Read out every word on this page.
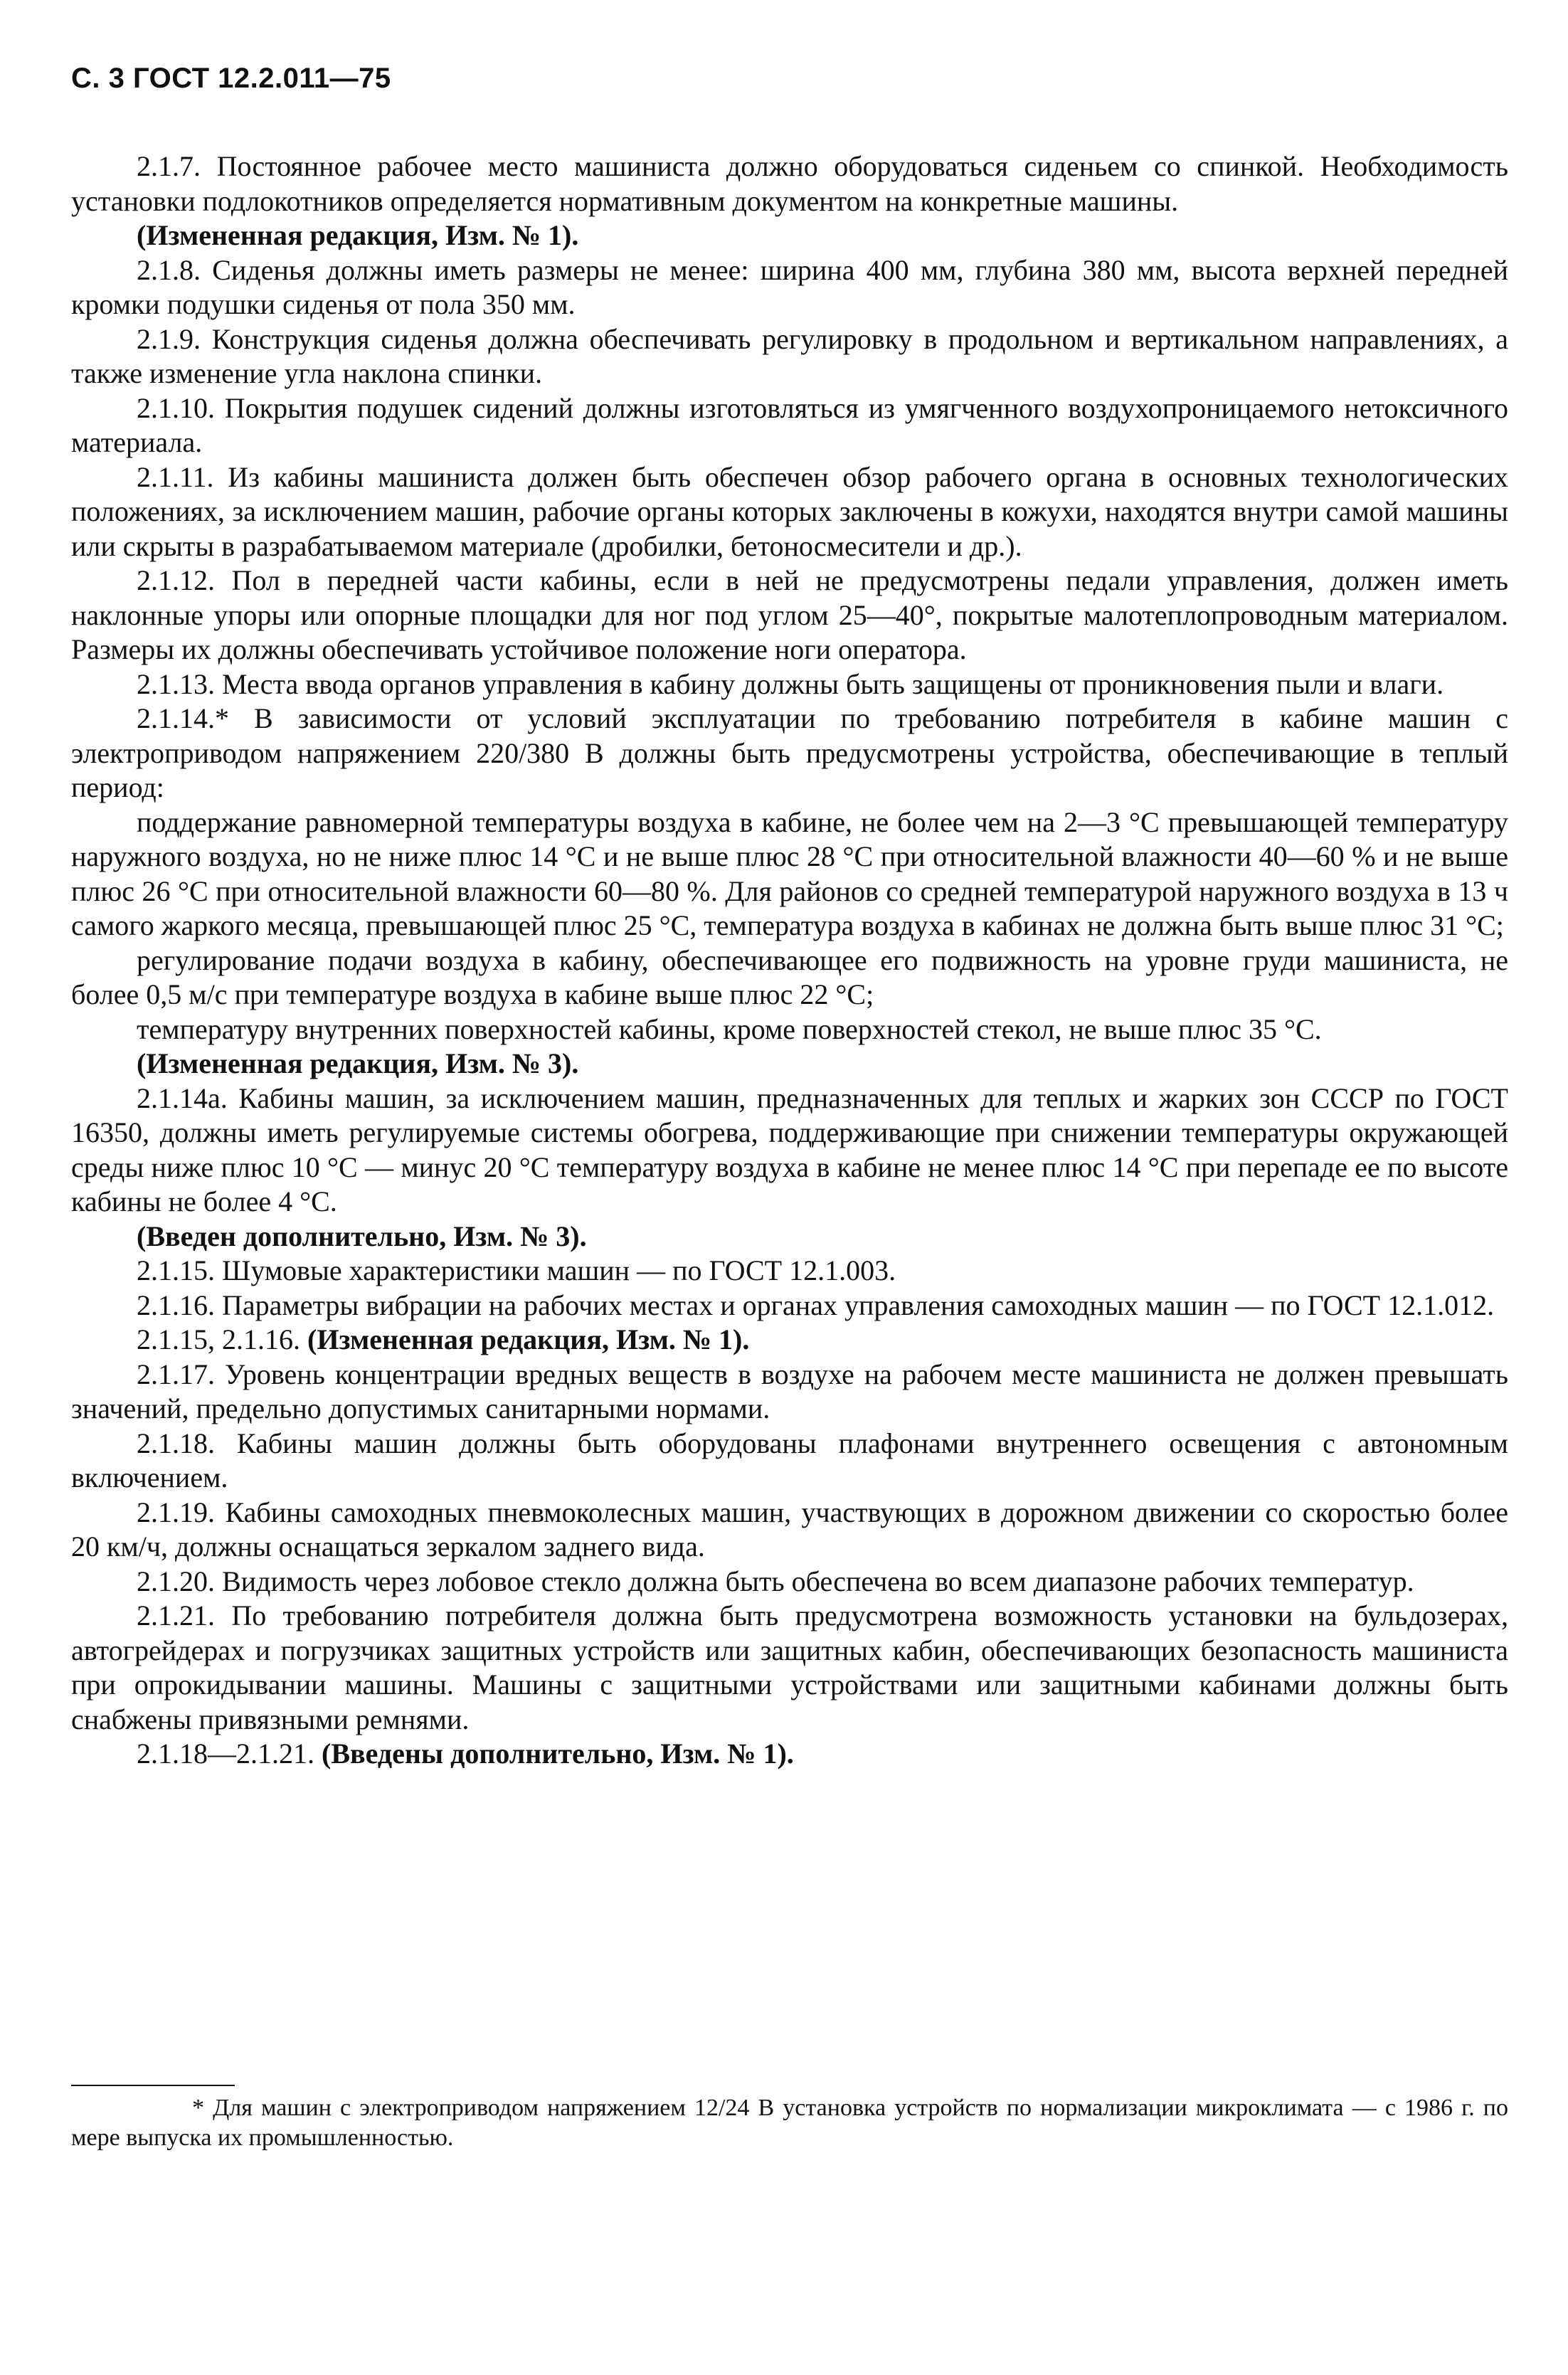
С. 3 ГОСТ 12.2.011—75

2.1.7. Постоянное рабочее место машиниста должно оборудоваться сиденьем со спинкой. Необходимость установки подлокотников определяется нормативным документом на конкретные машины.

(Измененная редакция, Изм. № 1).

2.1.8. Сиденья должны иметь размеры не менее: ширина 400 мм, глубина 380 мм, высота верхней передней кромки подушки сиденья от пола 350 мм.

2.1.9. Конструкция сиденья должна обеспечивать регулировку в продольном и вертикальном направлениях, а также изменение угла наклона спинки.

2.1.10. Покрытия подушек сидений должны изготовляться из умягченного воздухопроницаемого нетоксичного материала.

2.1.11. Из кабины машиниста должен быть обеспечен обзор рабочего органа в основных технологических положениях, за исключением машин, рабочие органы которых заключены в кожухи, находятся внутри самой машины или скрыты в разрабатываемом материале (дробилки, бетоносмесители и др.).

2.1.12. Пол в передней части кабины, если в ней не предусмотрены педали управления, должен иметь наклонные упоры или опорные площадки для ног под углом 25—40°, покрытые малотеплопроводным материалом. Размеры их должны обеспечивать устойчивое положение ноги оператора.

2.1.13. Места ввода органов управления в кабину должны быть защищены от проникновения пыли и влаги.

2.1.14.* В зависимости от условий эксплуатации по требованию потребителя в кабине машин с электроприводом напряжением 220/380 В должны быть предусмотрены устройства, обеспечивающие в теплый период:

поддержание равномерной температуры воздуха в кабине, не более чем на 2—3 °С превышающей температуру наружного воздуха, но не ниже плюс 14 °С и не выше плюс 28 °С при относительной влажности 40—60 % и не выше плюс 26 °С при относительной влажности 60—80 %. Для районов со средней температурой наружного воздуха в 13 ч самого жаркого месяца, превышающей плюс 25 °С, температура воздуха в кабинах не должна быть выше плюс 31 °С;

регулирование подачи воздуха в кабину, обеспечивающее его подвижность на уровне груди машиниста, не более 0,5 м/с при температуре воздуха в кабине выше плюс 22 °С;

температуру внутренних поверхностей кабины, кроме поверхностей стекол, не выше плюс 35 °С.

(Измененная редакция, Изм. № 3).

2.1.14а. Кабины машин, за исключением машин, предназначенных для теплых и жарких зон СССР по ГОСТ 16350, должны иметь регулируемые системы обогрева, поддерживающие при снижении температуры окружающей среды ниже плюс 10 °С — минус 20 °С температуру воздуха в кабине не менее плюс 14 °С при перепаде ее по высоте кабины не более 4 °С.

(Введен дополнительно, Изм. № 3).

2.1.15. Шумовые характеристики машин — по ГОСТ 12.1.003.

2.1.16. Параметры вибрации на рабочих местах и органах управления самоходных машин — по ГОСТ 12.1.012.

2.1.15, 2.1.16. (Измененная редакция, Изм. № 1).

2.1.17. Уровень концентрации вредных веществ в воздухе на рабочем месте машиниста не должен превышать значений, предельно допустимых санитарными нормами.

2.1.18. Кабины машин должны быть оборудованы плафонами внутреннего освещения с автономным включением.

2.1.19. Кабины самоходных пневмоколесных машин, участвующих в дорожном движении со скоростью более 20 км/ч, должны оснащаться зеркалом заднего вида.

2.1.20. Видимость через лобовое стекло должна быть обеспечена во всем диапазоне рабочих температур.

2.1.21. По требованию потребителя должна быть предусмотрена возможность установки на бульдозерах, автогрейдерах и погрузчиках защитных устройств или защитных кабин, обеспечивающих безопасность машиниста при опрокидывании машины. Машины с защитными устройствами или защитными кабинами должны быть снабжены привязными ремнями.

2.1.18—2.1.21. (Введены дополнительно, Изм. № 1).

* Для машин с электроприводом напряжением 12/24 В установка устройств по нормализации микроклимата — с 1986 г. по мере выпуска их промышленностью.
